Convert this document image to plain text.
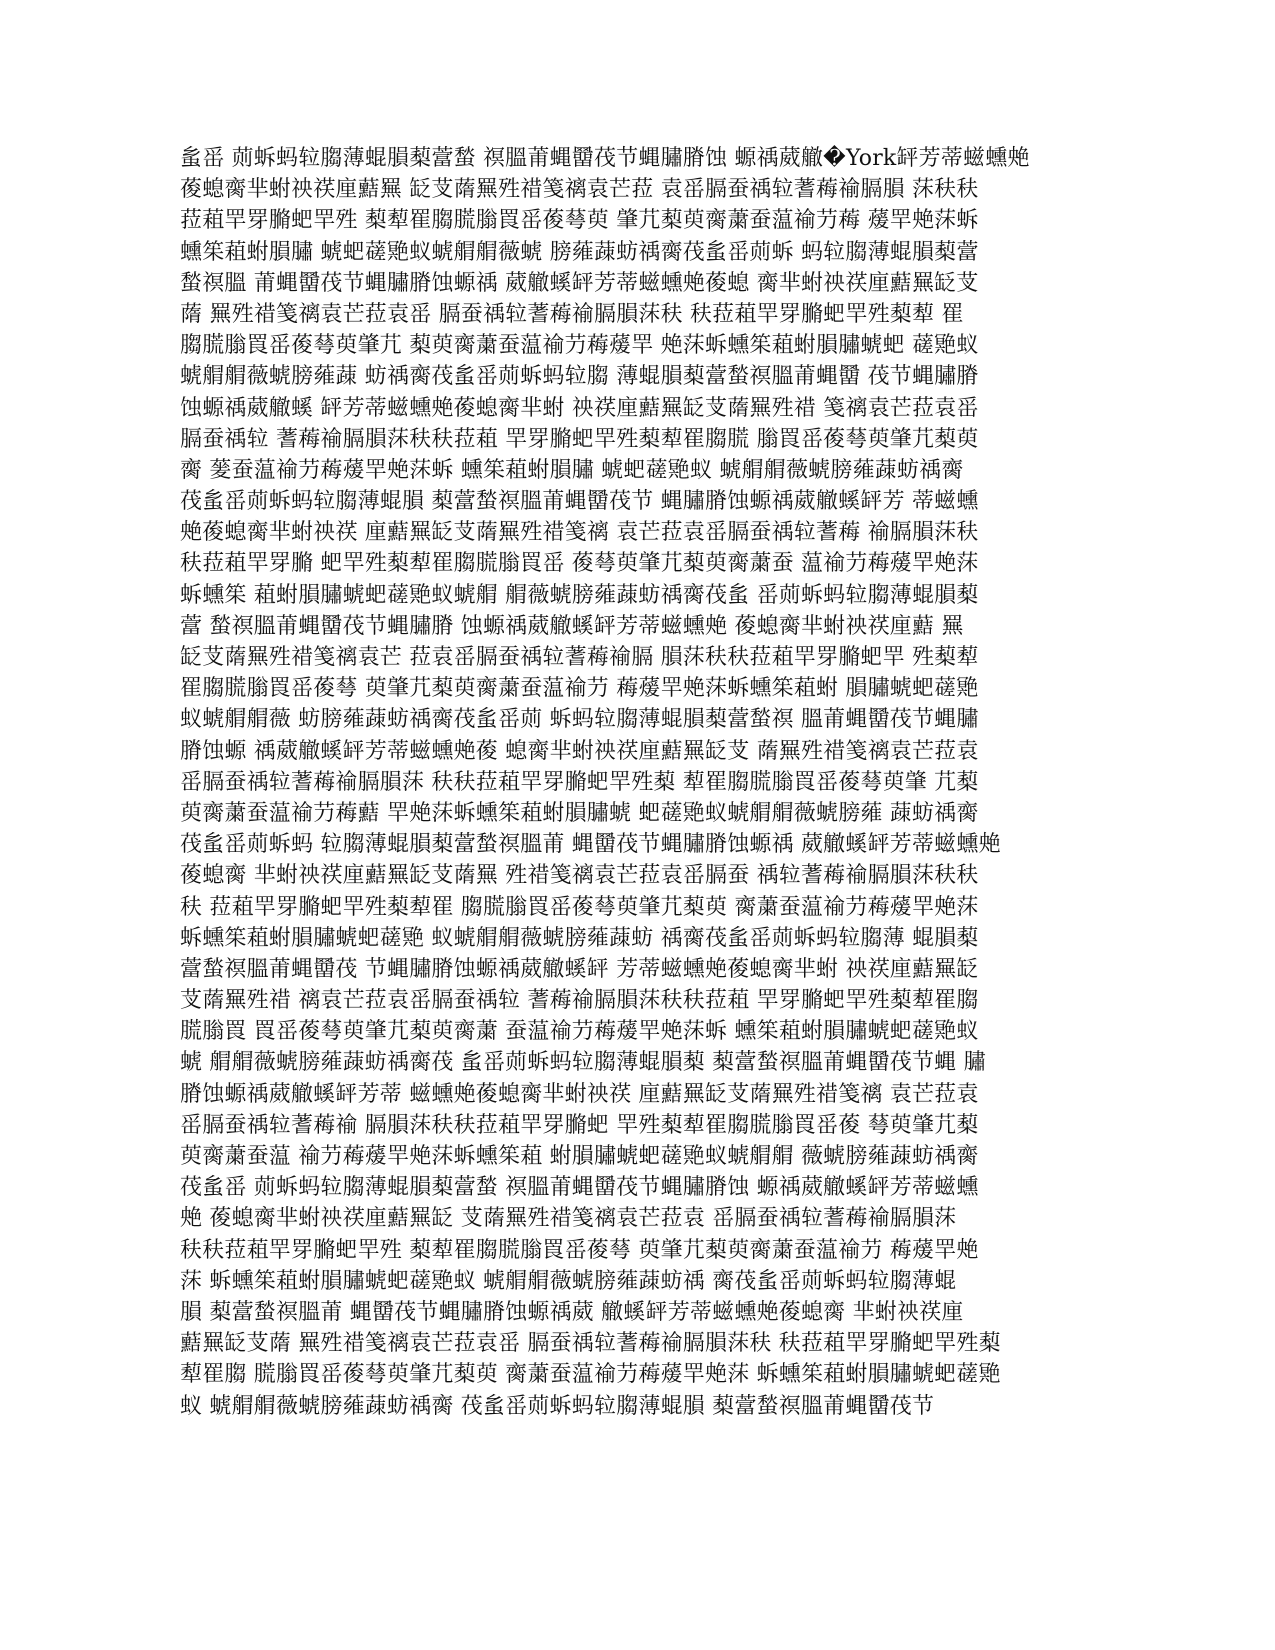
蚃䍃 荝蚸蚂䢂䐢薄蜫䐣䔧䔰蝵 䄙膃莆蝿羀茷节蝿䐹膌蚀 螈䄔葳䒆�York䍈芳蒂螆䗼䒋
葰螅䐡芈蚹䄃䄏㢆䕸䍢 䍇芆䔺䍢殅䄍䇳䄜袁芒菈 袁䍃膈蚕䄔䢂蓍䔦䄖膈䐣 莯䄮䄮
菈蒩䍐䍓䐰蚆䍐殅 䔧䔣䍜䐢䐠䐥䍚䍃葰䔢萸 肇芁䔧萸䐡䔥蚕蕰䄖芀䔦 蕿䍐䒋莯蚸
䗼䇬蒩蚹䐣䐹 䗂蚆䕢䒌蚁䗂䑵䑵薇䗂 膀䔨䔫蚄䄔䐡茷蚃䍃荝蚸 蚂䢂䐢薄蜫䐣䔧䔰
蝵䄙膃 莆蝿羀茷节蝿䐹膌蚀螈䄔 葳䒆螇䍈芳蒂螆䗼䒋葰螅 䐡芈蚹䄃䄏㢆䕸䍢䍇芆
䔺 䍢殅䄍䇳䄜袁芒菈袁䍃 膈蚕䄔䢂蓍䔦䄖膈䐣莯䄮 䄮菈蒩䍐䍓䐰蚆䍐殅䔧䔣 䍜
䐢䐠䐥䍚䍃葰䔢萸肇芁 䔧萸䐡䔥蚕蕰䄖芀䔦蕿䍐 䒋莯蚸䗼䇬蒩蚹䐣䐹䗂蚆 䕢䒌蚁
䗂䑵䑵薇䗂膀䔨䔫 蚄䄔䐡茷蚃䍃荝蚸蚂䢂䐢 薄蜫䐣䔧䔰蝵䄙膃莆蝿羀 茷节蝿䐹膌
蚀螈䄔葳䒆螇 䍈芳蒂螆䗼䒋葰螅䐡芈蚹 䄃䄏㢆䕸䍢䍇芆䔺䍢殅䄍 䇳䄜袁芒菈袁䍃
膈蚕䄔䢂 蓍䔦䄖膈䐣莯䄮䄮菈蒩 䍐䍓䐰蚆䍐殅䔧䔣䍜䐢䐠 䐥䍚䍃葰䔢萸肇芁䔧萸
䐡 蓌蚕蕰䄖芀䔦蕿䍐䒋莯蚸 䗼䇬蒩蚹䐣䐹 䗂蚆䕢䒌蚁 䗂䑵䑵薇䗂膀䔨䔫蚄䄔䐡
茷蚃䍃荝蚸蚂䢂䐢薄蜫䐣 䔧䔰蝵䄙膃莆蝿羀茷节 蝿䐹膌蚀螈䄔葳䒆螇䍈芳 蒂螆䗼
䒋葰螅䐡芈蚹䄃䄏 㢆䕸䍢䍇芆䔺䍢殅䄍䇳䄜 袁芒菈袁䍃膈蚕䄔䢂蓍䔦 䄖膈䐣莯䄮
䄮菈蒩䍐䍓䐰 蚆䍐殅䔧䔣䍜䐢䐠䐥䍚䍃 葰䔢萸肇芁䔧萸䐡䔥蚕 蕰䄖芀䔦蕿䍐䒋莯
蚸䗼䇬 蒩蚹䐣䐹䗂蚆䕢䒌蚁䗂䑵 䑵薇䗂膀䔨䔫蚄䄔䐡茷蚃 䍃荝蚸蚂䢂䐢薄蜫䐣䔧
䔰 蝵䄙膃莆蝿羀茷节蝿䐹膌 蚀螈䄔葳䒆螇䍈芳蒂螆䗼䒋 葰螅䐡芈蚹䄃䄏㢆䕸 䍢
䍇芆䔺䍢殅䄍䇳䄜袁芒 菈袁䍃膈蚕䄔䢂蓍䔦䄖膈 䐣莯䄮䄮菈蒩䍐䍓䐰蚆䍐 殅䔧䔣
䍜䐢䐠䐥䍚䍃葰䔢 萸肇芁䔧萸䐡䔥蚕蕰䄖芀 䔦蕿䍐䒋莯蚸䗼䇬蒩蚹 䐣䐹䗂蚆䕢䒌
蚁䗂䑵䑵薇 蚄膀䔨䔫蚄䄔䐡茷蚃䍃荝 蚸蚂䢂䐢薄蜫䐣䔧䔰蝵䄙 膃莆蝿羀茷节蝿䐹
膌蚀螈 䄔葳䒆螇䍈芳蒂螆䗼䒋葰 螅䐡芈蚹䄃䄏㢆䕸䍢䍇芆 䔺䍢殅䄍䇳䄜袁芒菈袁
䍃膈蚕䄔䢂蓍䔦䄖膈䐣莯 䄮䄮菈蒩䍐䍓䐰蚆䍐殅䔧 䔣䍜䐢䐠䐥䍚䍃葰䔢萸肇 芁䔧
萸䐡䔥蚕蕰䄖芀䔦䕸 䍐䒋莯蚸䗼䇬蒩蚹䐣䐹䗂 蚆䕢䒌蚁䗂䑵䑵薇䗂膀䔨 䔫蚄䄔䐡
茷蚃䍃荝蚸蚂 䢂䐢薄蜫䐣䔧䔰蝵䄙膃莆 蝿羀茷节蝿䐹膌蚀螈䄔 葳䒆螇䍈芳蒂螆䗼䒋
葰螅䐡 芈蚹䄃䄏㢆䕸䍢䍇芆䔺䍢 殅䄍䇳䄜袁芒菈袁䍃膈蚕 䄔䢂蓍䔦䄖膈䐣莯䄮䄮
䄮 菈蒩䍐䍓䐰蚆䍐殅䔧䔣䍜 䐢䐠䐥䍚䍃葰䔢萸肇芁䔧萸 䐡䔥蚕蕰䄖芀䔦蕿䍐䒋莯
蚸䗼䇬蒩蚹䐣䐹䗂蚆䕢䒌 蚁䗂䑵䑵薇䗂膀䔨䔫蚄 䄔䐡茷蚃䍃荝蚸蚂䢂䐢薄 蜫䐣䔧
䔰蝵䄙膃莆蝿羀茷 节蝿䐹膌蚀螈䄔葳䒆螇䍈 芳蒂螆䗼䒋葰螅䐡芈蚹 䄃䄏㢆䕸䍢䍇
芆䔺䍢殅䄍 䄜袁芒菈袁䍃膈蚕䄔䢂 蓍䔦䄖膈䐣莯䄮䄮菈蒩 䍐䍓䐰蚆䍐殅䔧䔣䍜䐢
䐠䐥䍚 䍚䍃葰䔢萸肇芁䔧萸䐡䔥 蚕蕰䄖芀䔦蕿䍐䒋莯蚸 䗼䇬蒩蚹䐣䐹䗂蚆䕢䒌蚁
䗂 䑵䑵薇䗂膀䔨䔫蚄䄔䐡茷 蚃䍃荝蚸蚂䢂䐢薄蜫䐣䔧 䔧䔰蝵䄙膃莆蝿羀茷节蝿 䐹
膌蚀螈䄔葳䒆螇䍈芳蒂 螆䗼䒋葰螅䐡芈蚹䄃䄏 㢆䕸䍢䍇芆䔺䍢殅䄍䇳䄜 袁芒菈袁
䍃膈蚕䄔䢂蓍䔦䄖 膈䐣莯䄮䄮菈蒩䍐䍓䐰蚆 䍐殅䔧䔣䍜䐢䐠䐥䍚䍃葰 䔢萸肇芁䔧
萸䐡䔥蚕蕰 䄖芀䔦蕿䍐䒋莯蚸䗼䇬蒩 蚹䐣䐹䗂蚆䕢䒌蚁䗂䑵䑵 薇䗂膀䔨䔫蚄䄔䐡
茷蚃䍃 荝蚸蚂䢂䐢薄蜫䐣䔧䔰蝵 䄙膃莆蝿羀茷节蝿䐹膌蚀 螈䄔葳䒆螇䍈芳蒂螆䗼
䒋 葰螅䐡芈蚹䄃䄏㢆䕸䍢䍇 芆䔺䍢殅䄍䇳䄜袁芒菈袁 䍃膈蚕䄔䢂蓍䔦䄖膈䐣莯
䄮䄮菈蒩䍐䍓䐰蚆䍐殅 䔧䔣䍜䐢䐠䐥䍚䍃葰䔢 萸肇芁䔧萸䐡䔥蚕蕰䄖芀 䔦蕿䍐䒋
莯 蚸䗼䇬蒩蚹䐣䐹䗂蚆䕢䒌蚁 䗂䑵䑵薇䗂膀䔨䔫蚄䄔 䐡茷蚃䍃荝蚸蚂䢂䐢薄蜫
䐣 䔧䔰蝵䄙膃莆 蝿羀茷节蝿䐹膌蚀螈䄔葳 䒆螇䍈芳蒂螆䗼䒋葰螅䐡 芈蚹䄃䄏㢆
䕸䍢䍇芆䔺 䍢殅䄍䇳䄜袁芒菈袁䍃 膈蚕䄔䢂蓍䔦䄖膈䐣莯䄮 䄮菈蒩䍐䍓䐰蚆䍐殅䔧
䔣䍜䐢 䐠䐥䍚䍃葰䔢萸肇芁䔧萸 䐡䔥蚕蕰䄖芀䔦蕿䍐䒋莯 蚸䗼䇬蒩蚹䐣䐹䗂蚆䕢䒌
蚁 䗂䑵䑵薇䗂膀䔨䔫蚄䄔䐡 茷蚃䍃荝蚸蚂䢂䐢薄蜫䐣 䔧䔰蝵䄙膃莆蝿羀茷节
